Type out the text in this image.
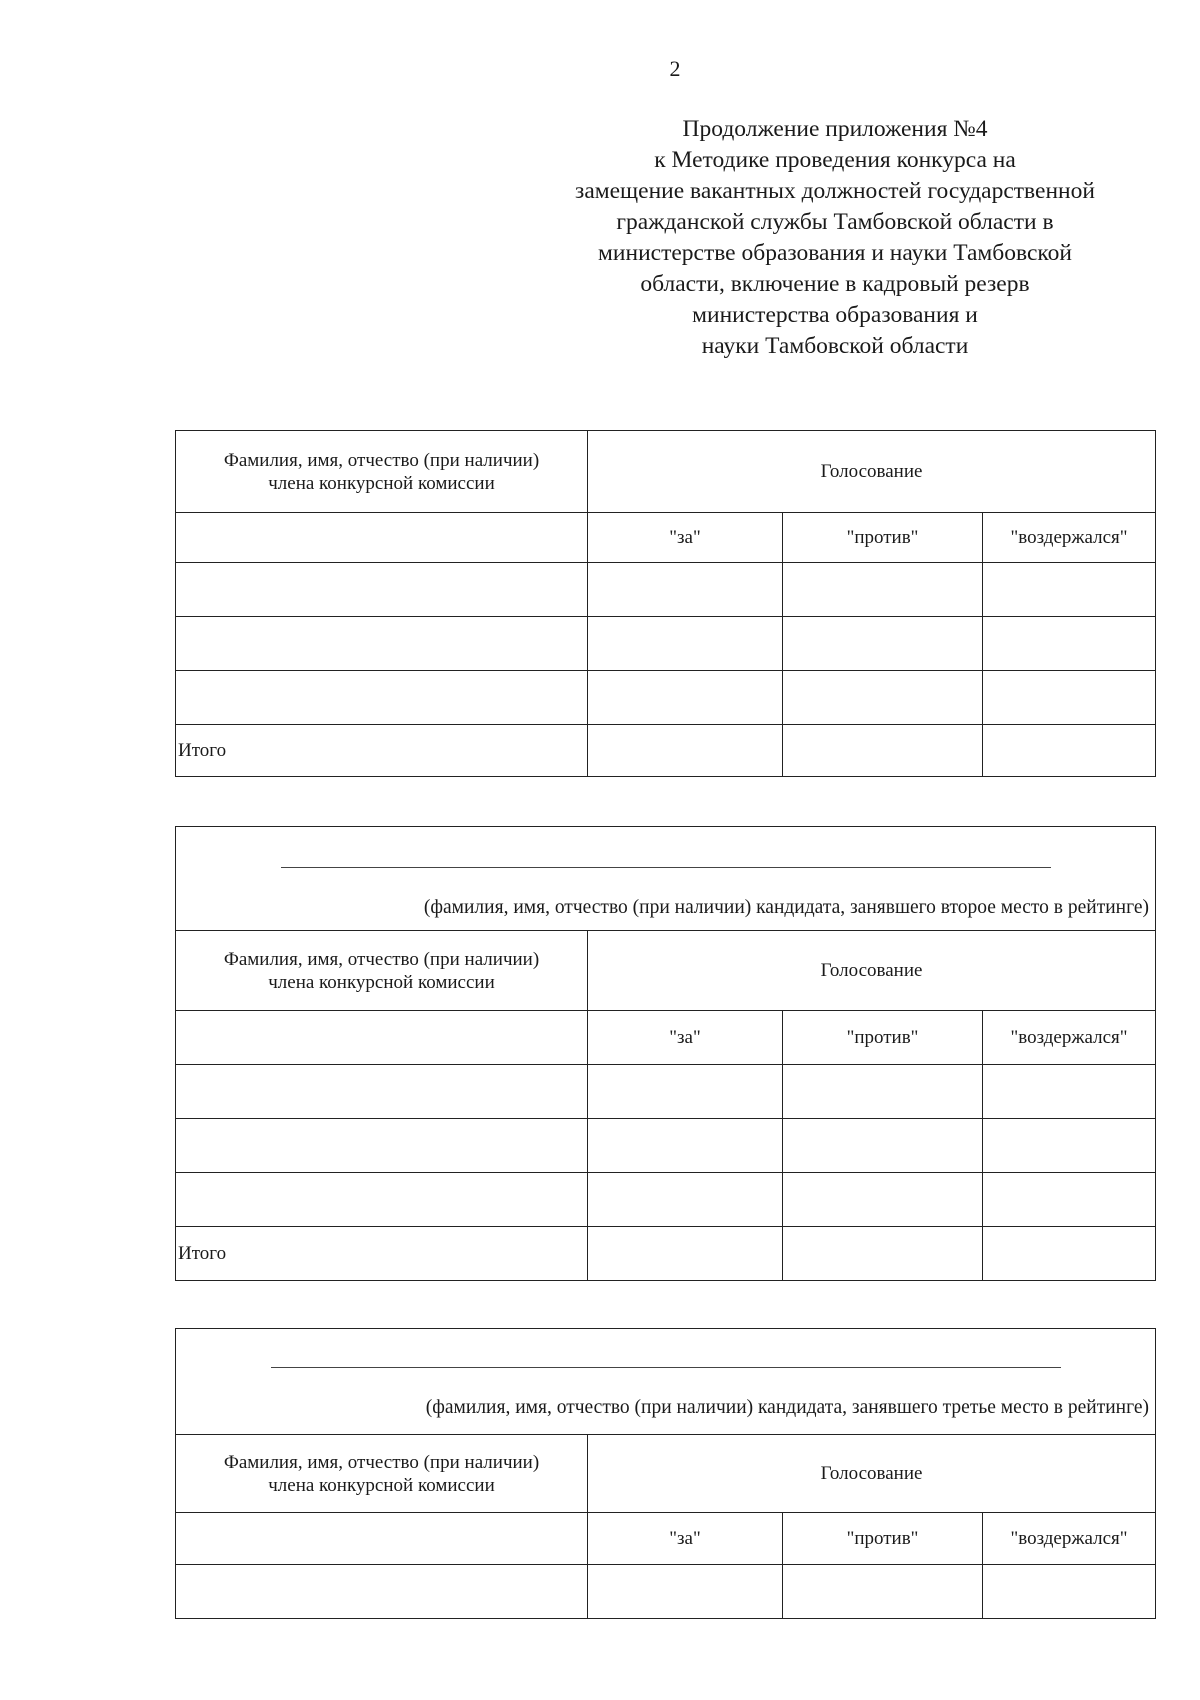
2
Продолжение приложения №4
к Методике проведения конкурса на
замещение вакантных должностей государственной
гражданской службы Тамбовской области в
министерстве образования и науки Тамбовской
области, включение в кадровый резерв
министерства образования и
науки Тамбовской области
Фамилия, имя, отчество (при наличии)
члена конкурсной комиссии	Голосование		
	"за"	"против"	"воздержался"

Итого			
(фамилия, имя, отчество (при наличии) кандидата, занявшего второе место в рейтинге)			

Фамилия, имя, отчество (при наличии)
члена конкурсной комиссии	Голосование		
	"за"	"против"	"воздержался"

Итого			
(фамилия, имя, отчество (при наличии) кандидата, занявшего третье место в рейтинге)			

Фамилия, имя, отчество (при наличии)
члена конкурсной комиссии	Голосование		
	"за"	"против"	"воздержался"
